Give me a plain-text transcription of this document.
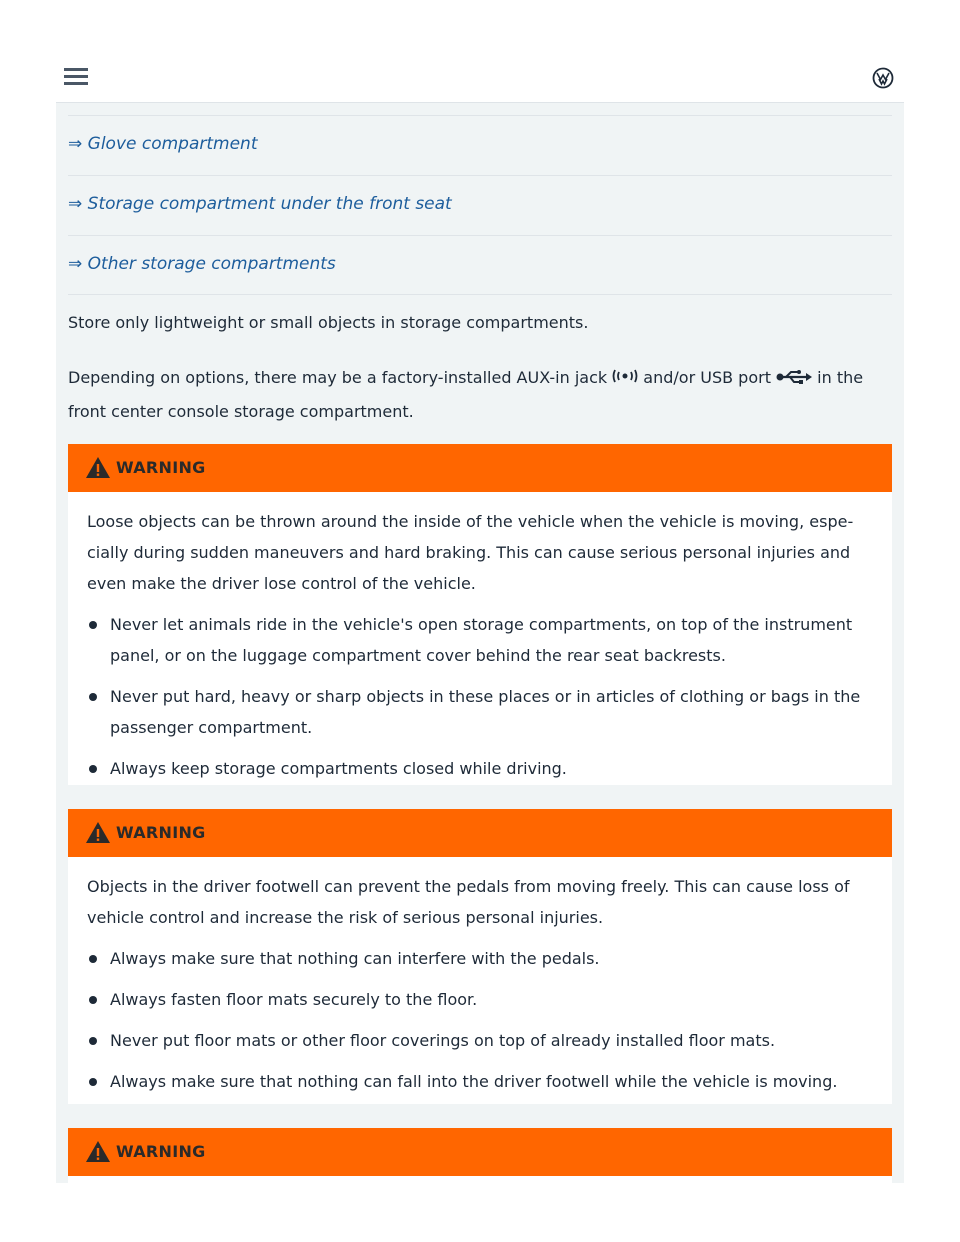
⇒ Glove compartment
⇒ Storage compartment under the front seat
⇒ Other storage compartments
Store only lightweight or small objects in storage compartments.
Depending on options, there may be a factory-installed AUX-in jack  and/or USB port  in the
front center console storage compartment.
WARNING
Loose objects can be thrown around the inside of the vehicle when the vehicle is moving, espe-
cially during sudden maneuvers and hard braking. This can cause serious personal injuries and
even make the driver lose control of the vehicle.
Never let animals ride in the vehicle's open storage compartments, on top of the instrument
panel, or on the luggage compartment cover behind the rear seat backrests.
Never put hard, heavy or sharp objects in these places or in articles of clothing or bags in the
passenger compartment.
Always keep storage compartments closed while driving.
WARNING
Objects in the driver footwell can prevent the pedals from moving freely. This can cause loss of
vehicle control and increase the risk of serious personal injuries.
Always make sure that nothing can interfere with the pedals.
Always fasten floor mats securely to the floor.
Never put floor mats or other floor coverings on top of already installed floor mats.
Always make sure that nothing can fall into the driver footwell while the vehicle is moving.
WARNING
